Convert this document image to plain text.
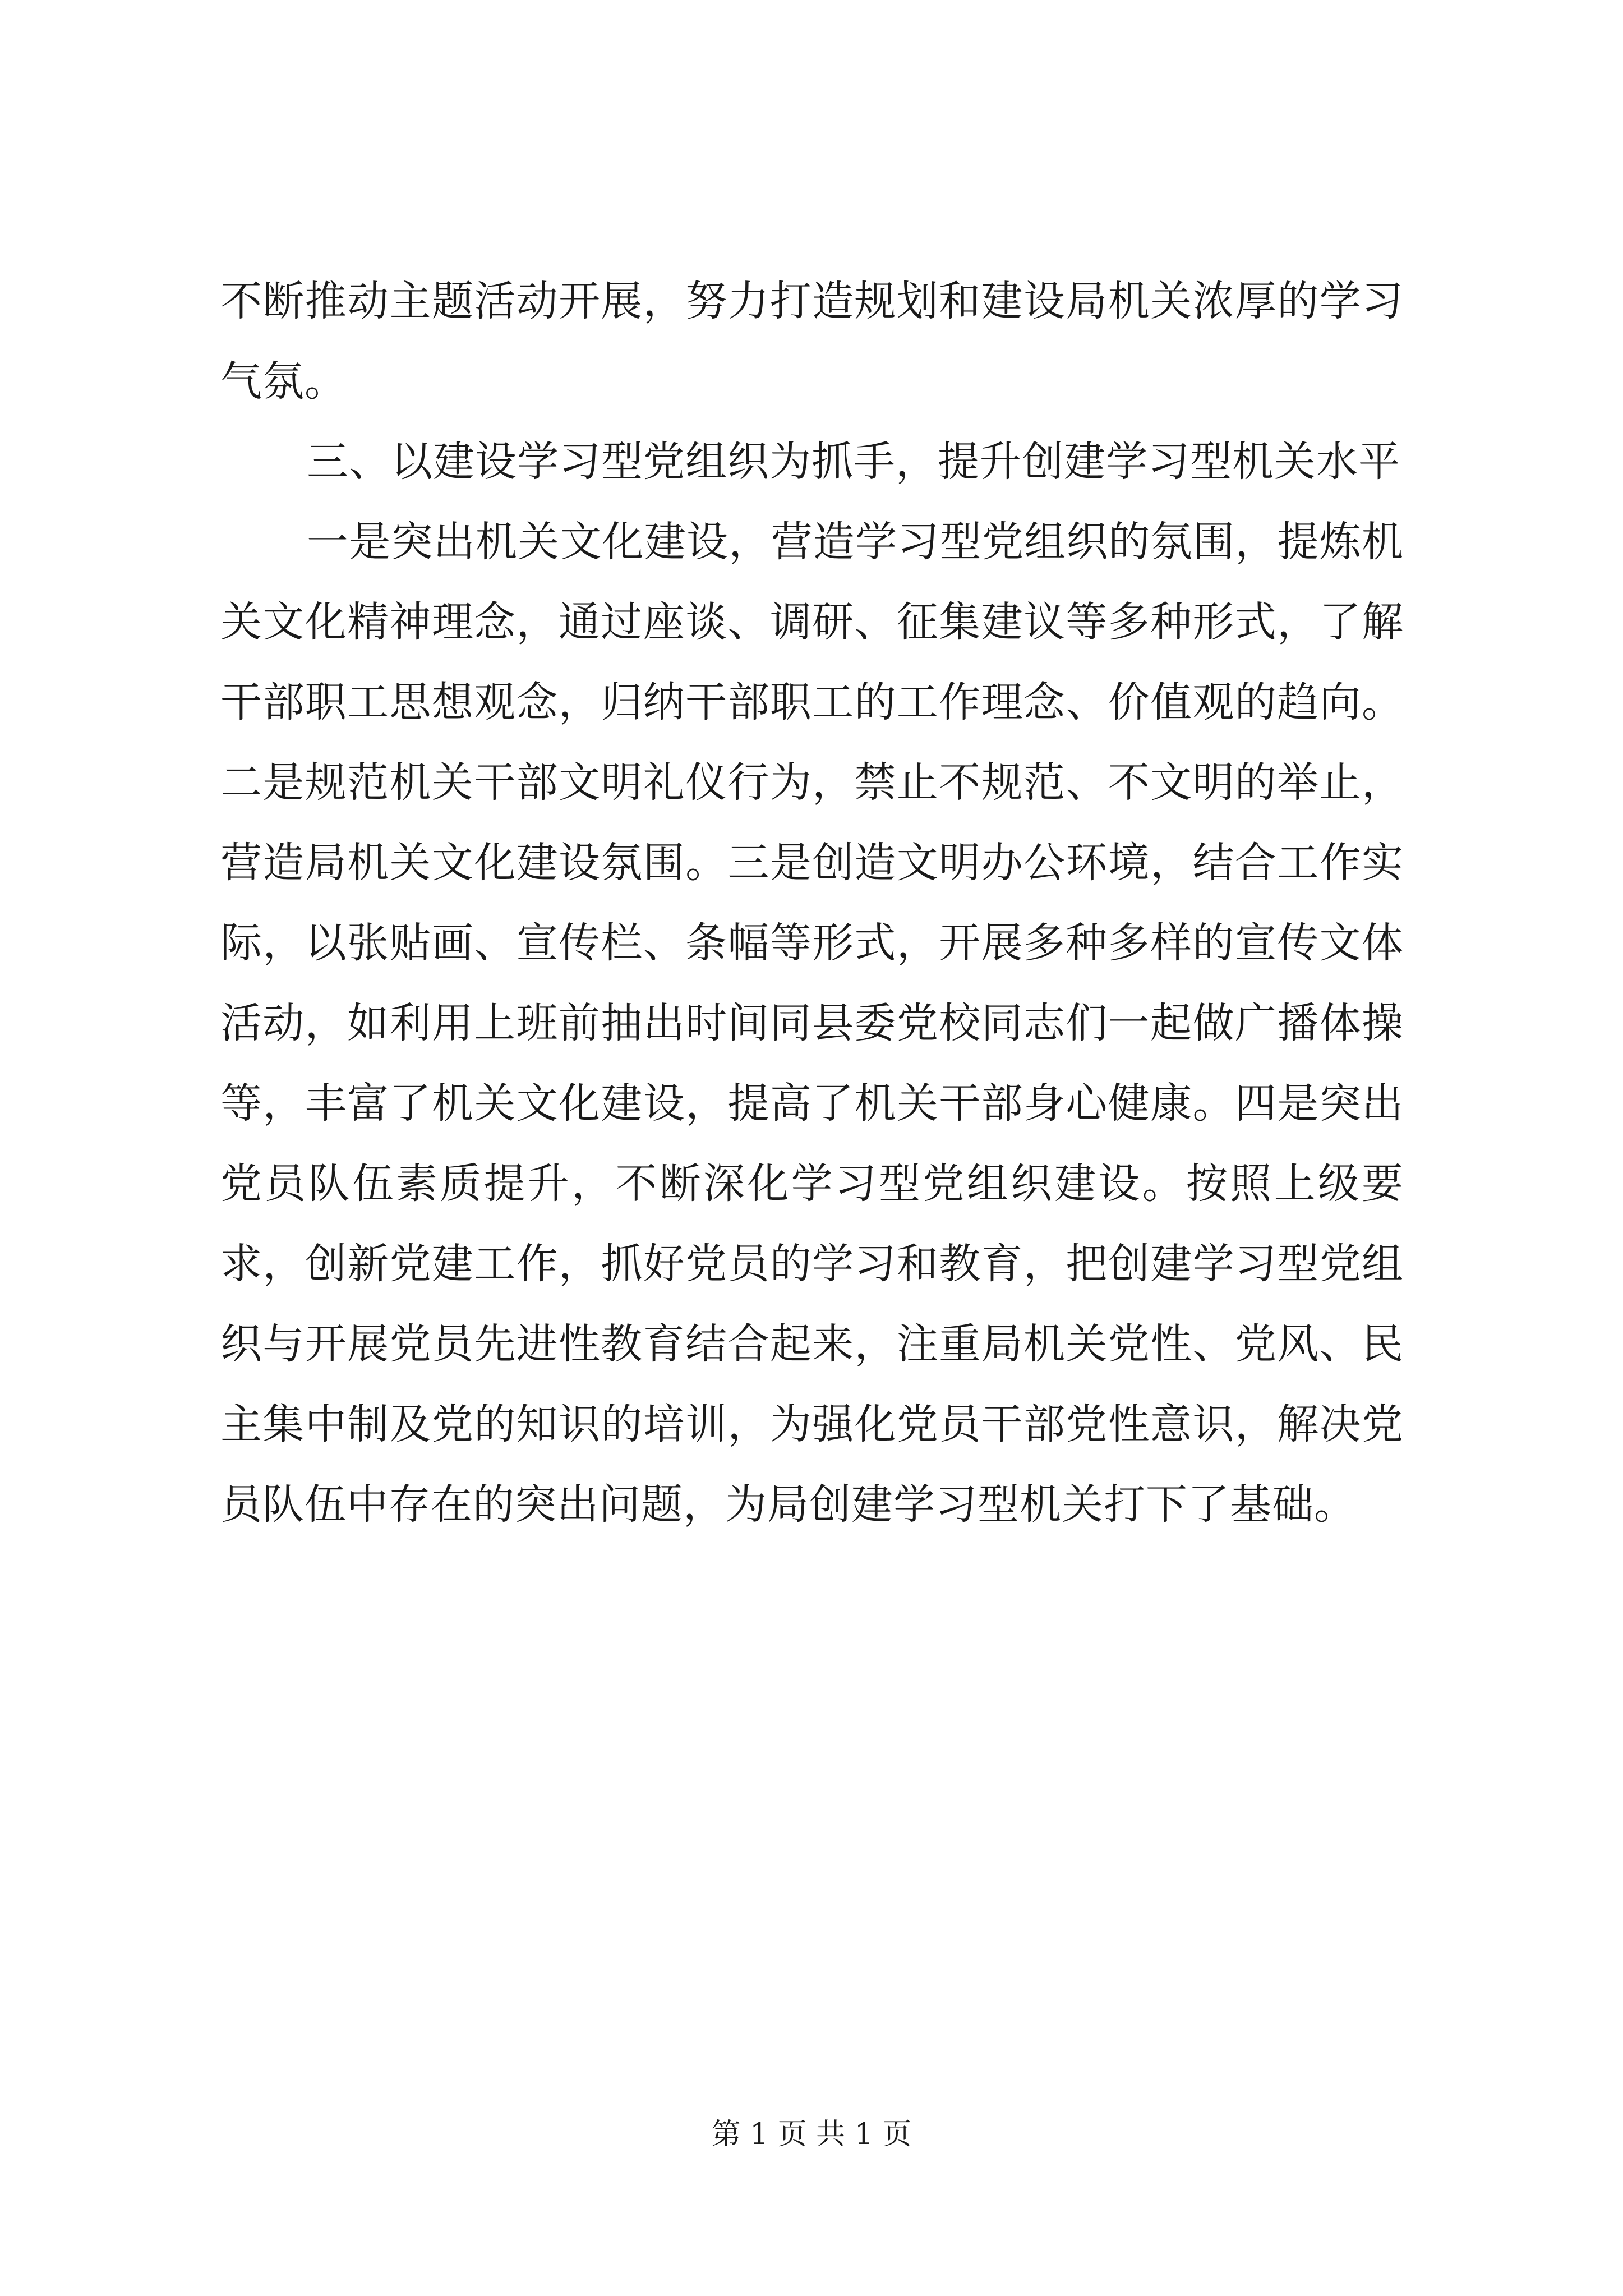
不断推动主题活动开展，努力打造规划和建设局机关浓厚的学习气氛。

三、以建设学习型党组织为抓手，提升创建学习型机关水平

一是突出机关文化建设，营造学习型党组织的氛围，提炼机关文化精神理念，通过座谈、调研、征集建议等多种形式，了解干部职工思想观念，归纳干部职工的工作理念、价值观的趋向。二是规范机关干部文明礼仪行为，禁止不规范、不文明的举止，营造局机关文化建设氛围。三是创造文明办公环境，结合工作实际，以张贴画、宣传栏、条幅等形式，开展多种多样的宣传文体活动，如利用上班前抽出时间同县委党校同志们一起做广播体操等，丰富了机关文化建设，提高了机关干部身心健康。四是突出党员队伍素质提升，不断深化学习型党组织建设。按照上级要求，创新党建工作，抓好党员的学习和教育，把创建学习型党组织与开展党员先进性教育结合起来，注重局机关党性、党风、民主集中制及党的知识的培训，为强化党员干部党性意识，解决党员队伍中存在的突出问题，为局创建学习型机关打下了基础。

第 1 页 共 1 页
